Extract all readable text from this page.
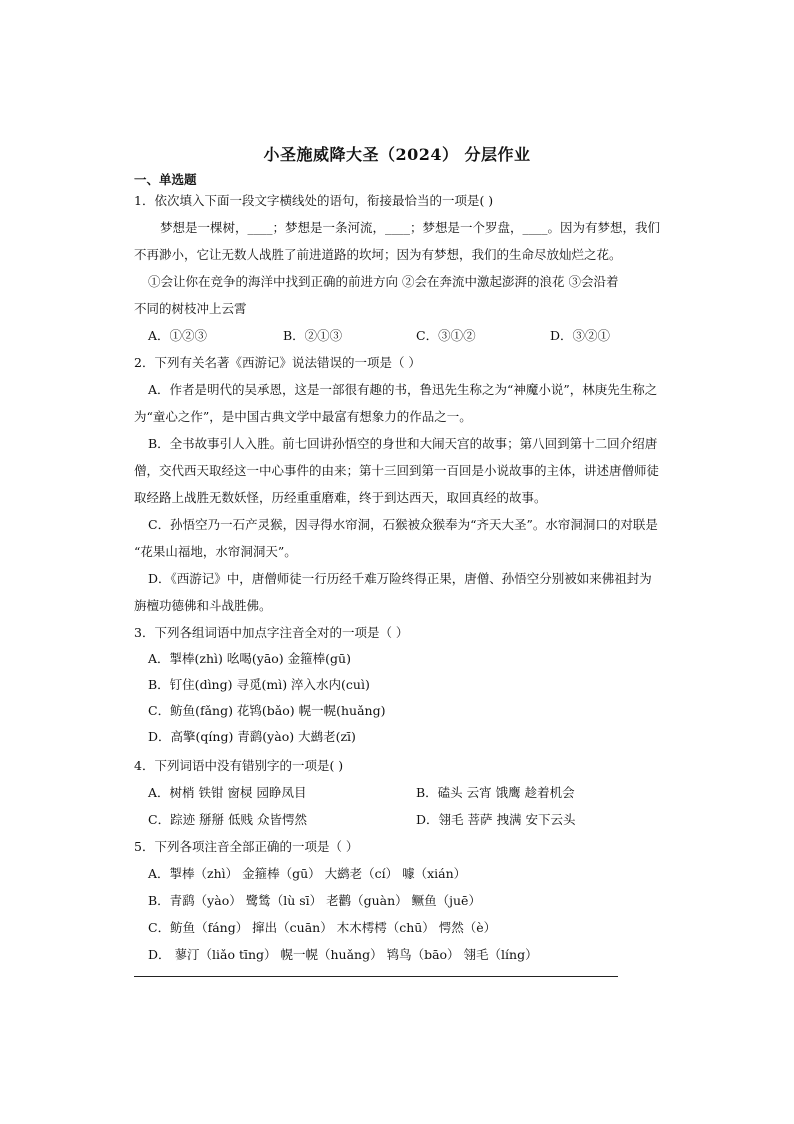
小圣施威降大圣（2024） 分层作业
一、单选题
1．依次填入下面一段文字横线处的语句，衔接最恰当的一项是( )
梦想是一棵树，____；梦想是一条河流，____；梦想是一个罗盘，____。因为有梦想，我们
不再渺小，它让无数人战胜了前进道路的坎坷；因为有梦想，我们的生命尽放灿烂之花。
①会让你在竞争的海洋中找到正确的前进方向 ②会在奔流中激起澎湃的浪花 ③会沿着
不同的树枝冲上云霄
A．①②③	B．②①③	C．③①②	D．③②①
2．下列有关名著《西游记》说法错误的一项是（ ）
A．作者是明代的吴承恩，这是一部很有趣的书，鲁迅先生称之为“神魔小说”，林庚先生称之
为“童心之作”，是中国古典文学中最富有想象力的作品之一。
B．全书故事引人入胜。前七回讲孙悟空的身世和大闹天宫的故事；第八回到第十二回介绍唐
僧，交代西天取经这一中心事件的由来；第十三回到第一百回是小说故事的主体，讲述唐僧师徒
取经路上战胜无数妖怪，历经重重磨难，终于到达西天，取回真经的故事。
C．孙悟空乃一石产灵猴，因寻得水帘洞，石猴被众猴奉为“齐天大圣”。水帘洞洞口的对联是
“花果山福地，水帘洞洞天”。
D．《西游记》中，唐僧师徒一行历经千难万险终得正果，唐僧、孙悟空分别被如来佛祖封为
旃檀功德佛和斗战胜佛。
3．下列各组词语中加点字注音全对的一项是（ ）
A．掣棒(zhì) 吆喝(yāo) 金箍棒(gū)
B．钉住(dìng) 寻觅(mì) 淬入水内(cuì)
C．鲂鱼(fǎng) 花鸨(bǎo) 幌一幌(huǎng)
D．高擎(qíng) 青鹞(yào) 大鹚老(zī)
4．下列词语中没有错别字的一项是( )
A．树梢 铁钳 窗棂 园睁凤目	B．磕头 云宵 饿鹰 趁着机会
C．踪迹 掰掰 低贱 众皆愕然	D．翎毛 菩萨 拽满 安下云头
5．下列各项注音全部正确的一项是（ ）
A．掣棒（zhì） 金箍棒（gū） 大鹚老（cí） 噱（xián）
B．青鹞（yào） 鹭鸶（lù sī） 老鹳（guàn） 鳜鱼（juē）
C．鲂鱼（fáng） 撺出（cuān） 木木樗樗（chū） 愕然（è）
D． 蓼汀（liǎo tīng） 幌一幌（huǎng） 鸨鸟（bāo） 翎毛（líng）
